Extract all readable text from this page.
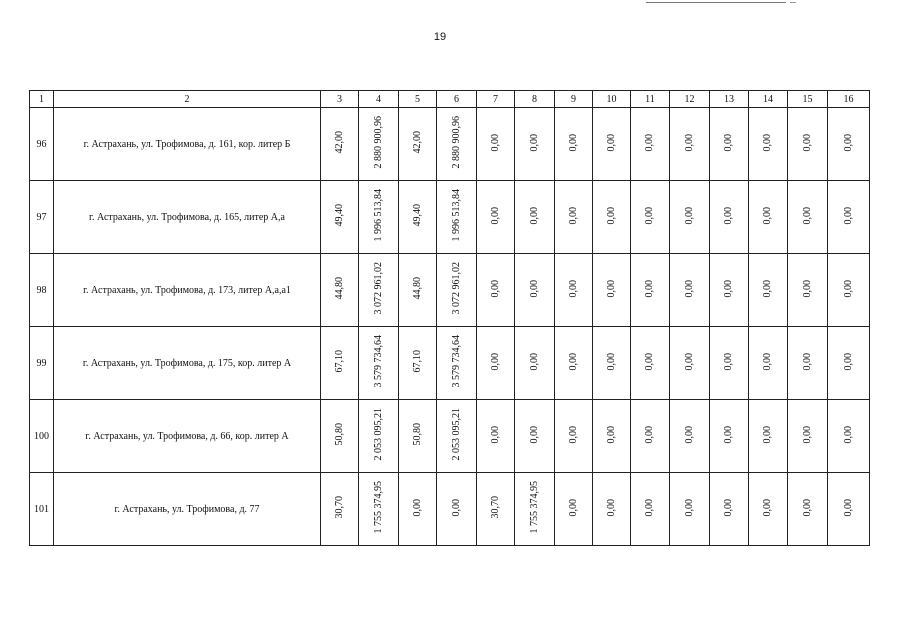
19
1	2	3	4	5	6	7	8	9	10	11	12	13	14	15	16
96	г. Астрахань, ул. Трофимова, д. 161, кор. литер Б	42,00	2 880 900,96	42,00	2 880 900,96	0,00	0,00	0,00	0,00	0,00	0,00	0,00	0,00	0,00	0,00
97	г. Астрахань, ул. Трофимова, д. 165, литер А,а	49,40	1 996 513,84	49,40	1 996 513,84	0,00	0,00	0,00	0,00	0,00	0,00	0,00	0,00	0,00	0,00
98	г. Астрахань, ул. Трофимова, д. 173, литер А,а,а1	44,80	3 072 961,02	44,80	3 072 961,02	0,00	0,00	0,00	0,00	0,00	0,00	0,00	0,00	0,00	0,00
99	г. Астрахань, ул. Трофимова, д. 175, кор. литер А	67,10	3 579 734,64	67,10	3 579 734,64	0,00	0,00	0,00	0,00	0,00	0,00	0,00	0,00	0,00	0,00
100	г. Астрахань, ул. Трофимова, д. 66, кор. литер А	50,80	2 053 095,21	50,80	2 053 095,21	0,00	0,00	0,00	0,00	0,00	0,00	0,00	0,00	0,00	0,00
101	г. Астрахань, ул. Трофимова, д. 77	30,70	1 755 374,95	0,00	0,00	30,70	1 755 374,95	0,00	0,00	0,00	0,00	0,00	0,00	0,00	0,00
